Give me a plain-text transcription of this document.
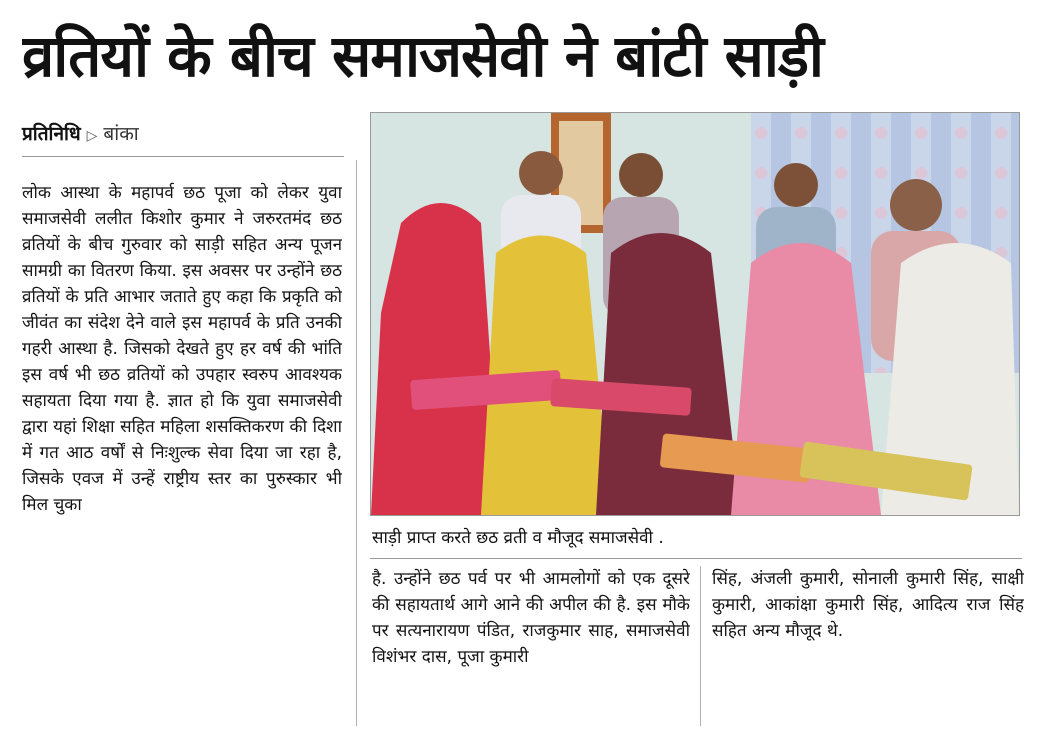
व्रतियों के बीच समाजसेवी ने बांटी साड़ी
प्रतिनिधि ▷ बांका
लोक आस्था के महापर्व छठ पूजा को लेकर युवा समाजसेवी ललीत किशोर कुमार ने जरुरतमंद छठ व्रतियों के बीच गुरुवार को साड़ी सहित अन्य पूजन सामग्री का वितरण किया. इस अवसर पर उन्होंने छठ व्रतियों के प्रति आभार जताते हुए कहा कि प्रकृति को जीवंत का संदेश देने वाले इस महापर्व के प्रति उनकी गहरी आस्था है. जिसको देखते हुए हर वर्ष की भांति इस वर्ष भी छठ व्रतियों को उपहार स्वरुप आवश्यक सहायता दिया गया है. ज्ञात हो कि युवा समाजसेवी द्वारा यहां शिक्षा सहित महिला शसक्तिकरण की दिशा में गत आठ वर्षों से निःशुल्क सेवा दिया जा रहा है, जिसके एवज में उन्हें राष्ट्रीय स्तर का पुरुस्कार भी मिल चुका
साड़ी प्राप्त करते छठ व्रती व मौजूद समाजसेवी .
है. उन्होंने छठ पर्व पर भी आमलोगों को एक दूसरे की सहायतार्थ आगे आने की अपील की है. इस मौके पर सत्यनारायण पंडित, राजकुमार साह, समाजसेवी विशंभर दास, पूजा कुमारी
सिंह, अंजली कुमारी, सोनाली कुमारी सिंह, साक्षी कुमारी, आकांक्षा कुमारी सिंह, आदित्य राज सिंह सहित अन्य मौजूद थे.
